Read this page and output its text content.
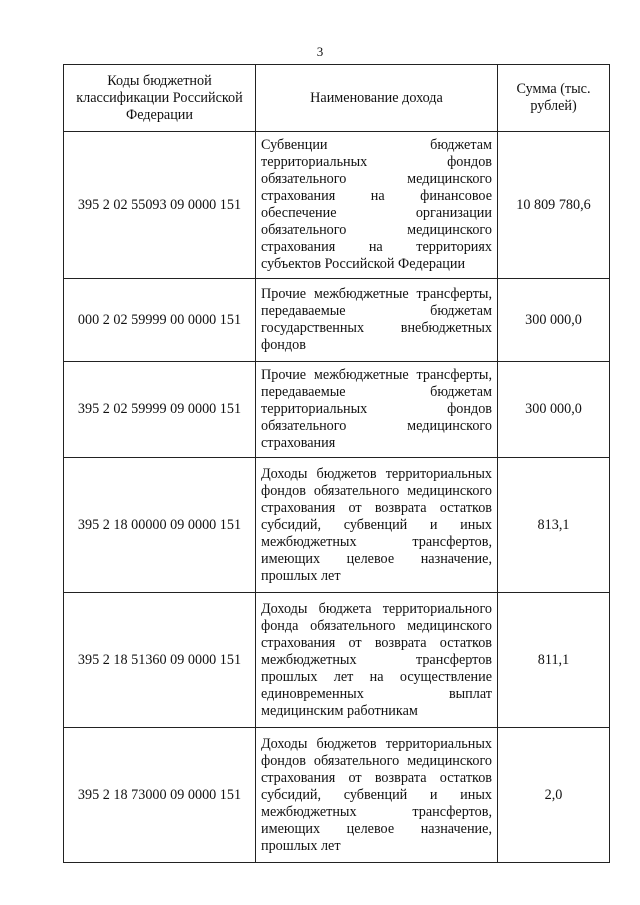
3
Коды бюджетной классификации Российской Федерации	Наименование дохода	Сумма (тыс. рублей)
395 2 02 55093 09 0000 151	Субвенции бюджетам территориальных фондов обязательного медицинского страхования на финансовое обеспечение организации обязательного медицинского страхования на территориях субъектов Российской Федерации	10 809 780,6
000 2 02 59999 00 0000 151	Прочие межбюджетные трансферты, передаваемые бюджетам государственных внебюджетных фондов	300 000,0
395 2 02 59999 09 0000 151	Прочие межбюджетные трансферты, передаваемые бюджетам территориальных фондов обязательного медицинского страхования	300 000,0
395 2 18 00000 09 0000 151	Доходы бюджетов территориальных фондов обязательного медицинского страхования от возврата остатков субсидий, субвенций и иных межбюджетных трансфертов, имеющих целевое назначение, прошлых лет	813,1
395 2 18 51360 09 0000 151	Доходы бюджета территориального фонда обязательного медицинского страхования от возврата остатков межбюджетных трансфертов прошлых лет на осуществление единовременных выплат медицинским работникам	811,1
395 2 18 73000 09 0000 151	Доходы бюджетов территориальных фондов обязательного медицинского страхования от возврата остатков субсидий, субвенций и иных межбюджетных трансфертов, имеющих целевое назначение, прошлых лет	2,0
